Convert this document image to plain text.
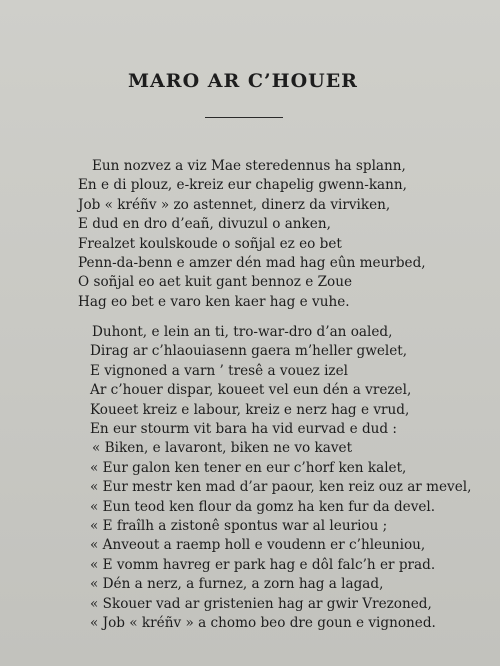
MARO AR C’HOUER
Eun nozvez a viz Mae steredennus ha splann,
En e di plouz, e-kreiz eur chapelig gwenn-kann,
Job « kréñv » zo astennet, dinerz da virviken,
E dud en dro d’eañ, divuzul o anken,
Frealzet koulskoude o soñjal ez eo bet
Penn-da-benn e amzer dén mad hag eûn meurbed,
O soñjal eo aet kuit gant bennoz e Zoue
Hag eo bet e varo ken kaer hag e vuhe.
Duhont, e lein an ti, tro-war-dro d’an oaled,
Dirag ar c’hlaouiasenn gaera m’heller gwelet,
E vignoned a varn ’ tresê a vouez izel
Ar c’houer dispar, koueet vel eun dén a vrezel,
Koueet kreiz e labour, kreiz e nerz hag e vrud,
En eur stourm vit bara ha vid eurvad e dud :
« Biken, e lavaront, biken ne vo kavet
« Eur galon ken tener en eur c’horf ken kalet,
« Eur mestr ken mad d’ar paour, ken reiz ouz ar mevel,
« Eun teod ken flour da gomz ha ken fur da devel.
« E fraîlh a zistonê spontus war al leuriou ;
« Anveout a raemp holl e voudenn er c’hleuniou,
« E vomm havreg er park hag e dôl falc’h er prad.
« Dén a nerz, a furnez, a zorn hag a lagad,
« Skouer vad ar gristenien hag ar gwir Vrezoned,
« Job « kréñv » a chomo beo dre goun e vignoned.
